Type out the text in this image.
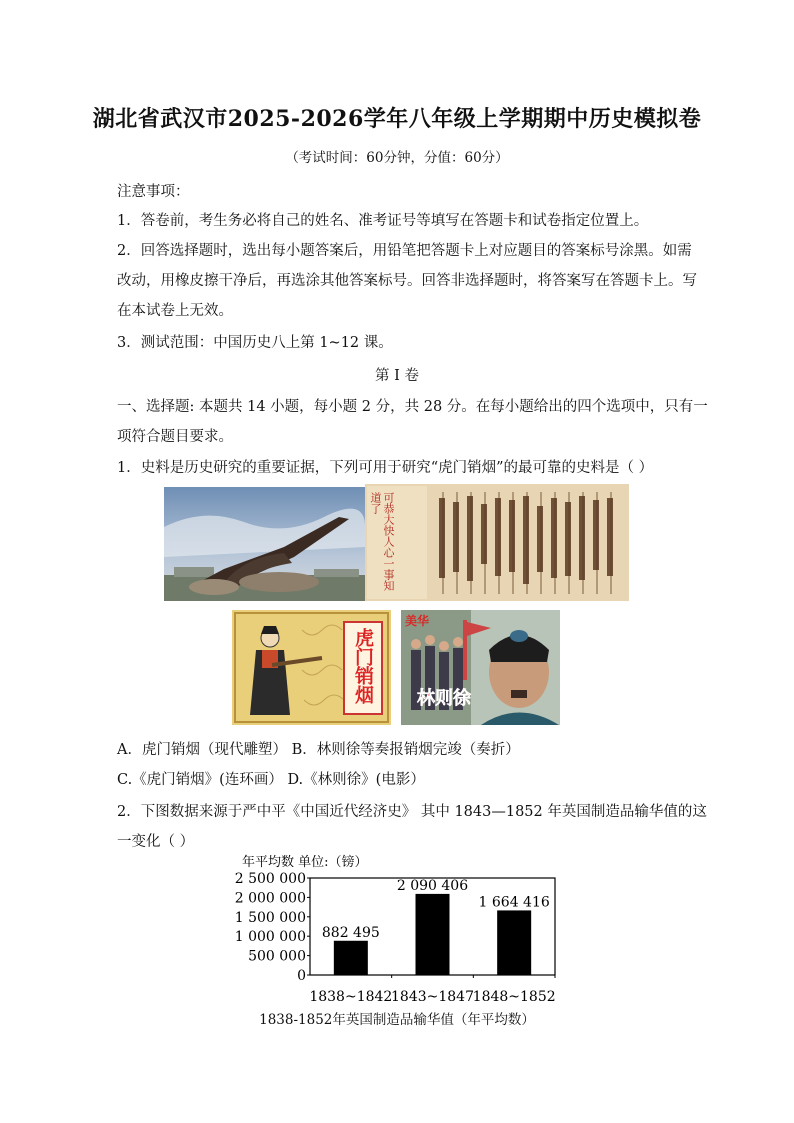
湖北省武汉市2025-2026学年八年级上学期期中历史模拟卷
（考试时间：60分钟，分值：60分）
注意事项：
1．答卷前，考生务必将自己的姓名、准考证号等填写在答题卡和试卷指定位置上。
2．回答选择题时，选出每小题答案后，用铅笔把答题卡上对应题目的答案标号涂黑。如需
改动，用橡皮擦干净后，再选涂其他答案标号。回答非选择题时，将答案写在答题卡上。写
在本试卷上无效。
3．测试范围：中国历史八上第 1~12 课。
第 I 卷
一、选择题: 本题共 14 小题，每小题 2 分，共 28 分。在每小题给出的四个选项中，只有一
项符合题目要求。
1．史料是历史研究的重要证据，下列可用于研究“虎门销烟”的最可靠的史料是（ ）
可恭大快人心一事知道了
虎门销烟
美华
林则徐
A．虎门销烟（现代雕塑） B．林则徐等奏报销烟完竣（奏折）
C.《虎门销烟》(连环画） D.《林则徐》(电影）
2．下图数据来源于严中平《中国近代经济史》 其中 1843—1852 年英国制造品输华值的这
一变化（ ）
年平均数 单位:（镑）
2 500 000
2 000 000
1 500 000
1 000 000
500 000
0
882 495
1838~1842
2 090 406
1843~1847
1 664 416
1848~1852
1838-1852年英国制造品输华值（年平均数）
